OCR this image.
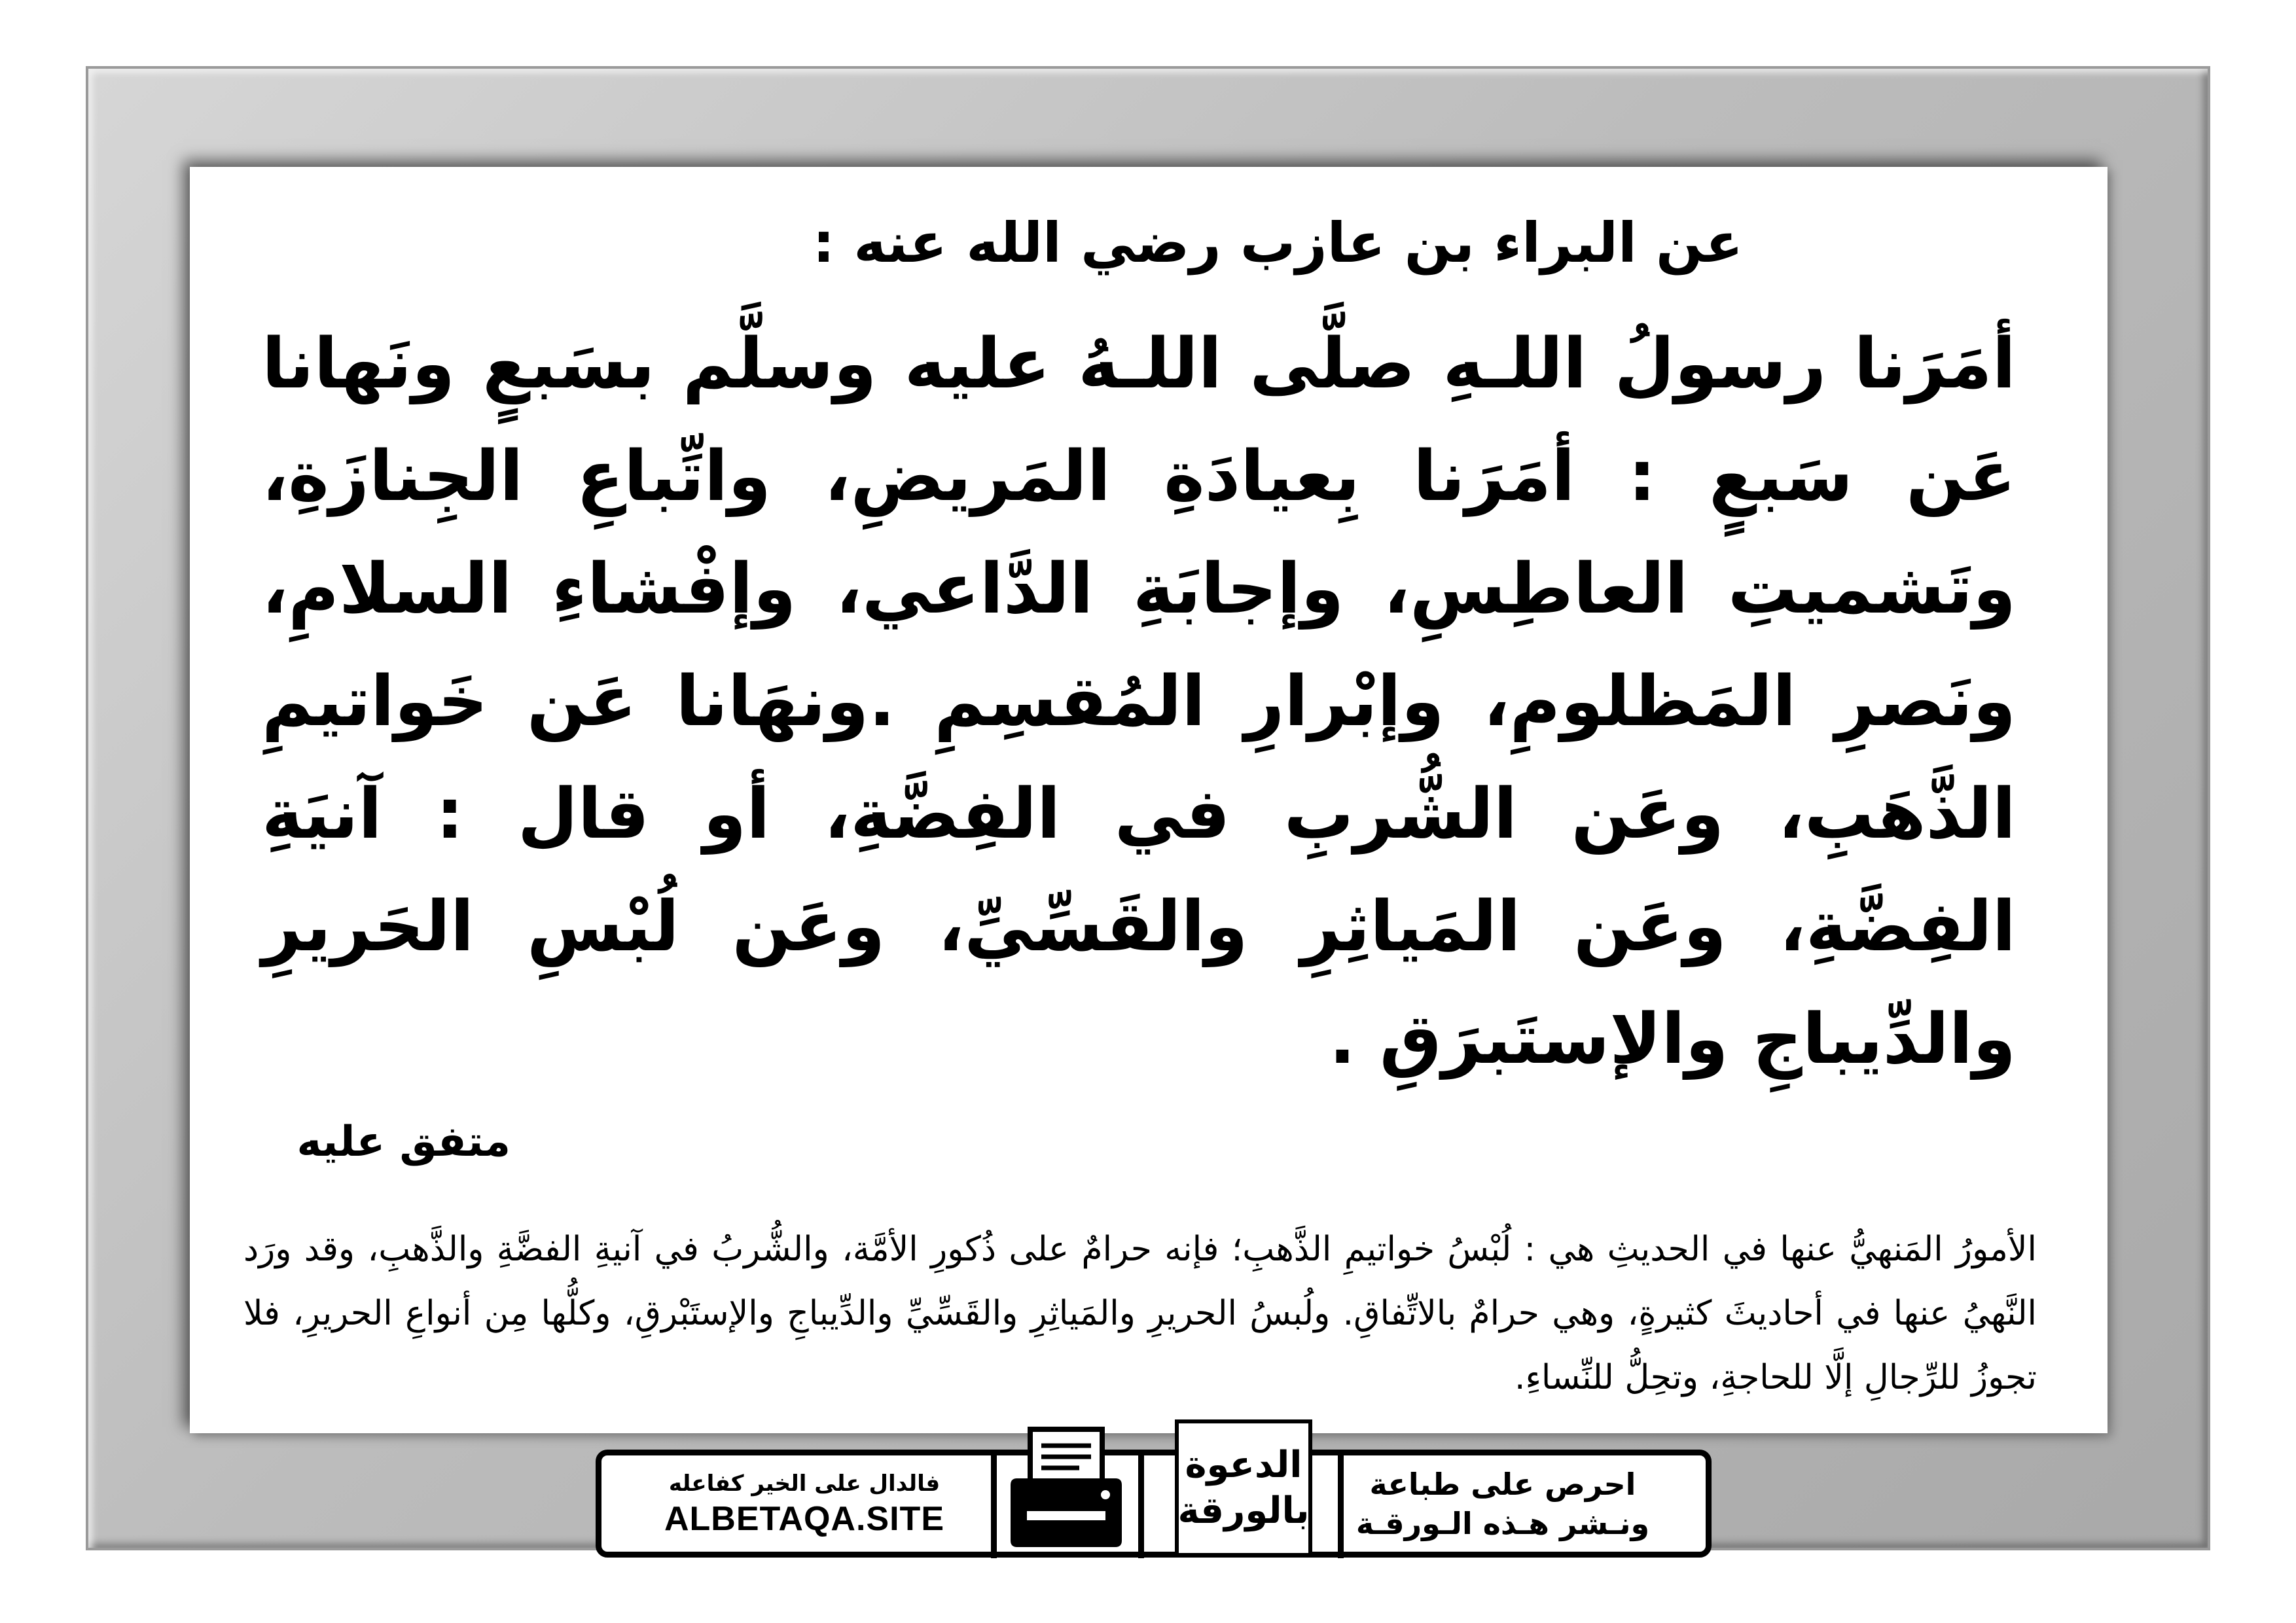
عن البراء بن عازب رضي الله عنه :
أمَرَنا رسولُ اللـهِ صلَّى اللـهُ عليه وسلَّم بسَبعٍ ونَهانا عَن سَبعٍ : أمَرَنا بِعيادَةِ المَريضِ، واتِّباعِ الجِنازَةِ، وتَشميتِ العاطِسِ، وإجابَةِ الدَّاعي، وإفْشاءِ السلامِ، ونَصرِ المَظلومِ، وإبْرارِ المُقسِمِ .ونهَانا عَن خَواتيمِ الذَّهَبِ، وعَن الشُّربِ في الفِضَّةِ، أو قال : آنيَةِ الفِضَّةِ، وعَن المَياثِرِ والقَسِّيِّ، وعَن لُبْسِ الحَريرِ والدِّيباجِ والإستَبرَقِ .
متفق عليه
الأمورُ المَنهيُّ عنها في الحديثِ هي : لُبْسُ خواتيمِ الذَّهبِ؛ فإنه حرامٌ على ذُكورِ الأمَّة، والشُّربُ في آنيةِ الفضَّةِ والذَّهبِ، وقد ورَد النَّهيُ عنها في أحاديثَ كثيرةٍ، وهي حرامٌ بالاتِّفاقِ. ولُبسُ الحريرِ والمَياثِرِ والقَسِّيِّ والدِّيباجِ والإستَبْرقِ، وكلُّها مِن أنواعِ الحريرِ، فلا تجوزُ للرِّجالِ إلَّا للحاجةِ، وتحِلُّ للنِّساءِ.
فالدال على الخير كفاعله
ALBETAQA.SITE
الدعوة بالورقة
احرص على طباعة
ونـشر هـذه الـورقـة
